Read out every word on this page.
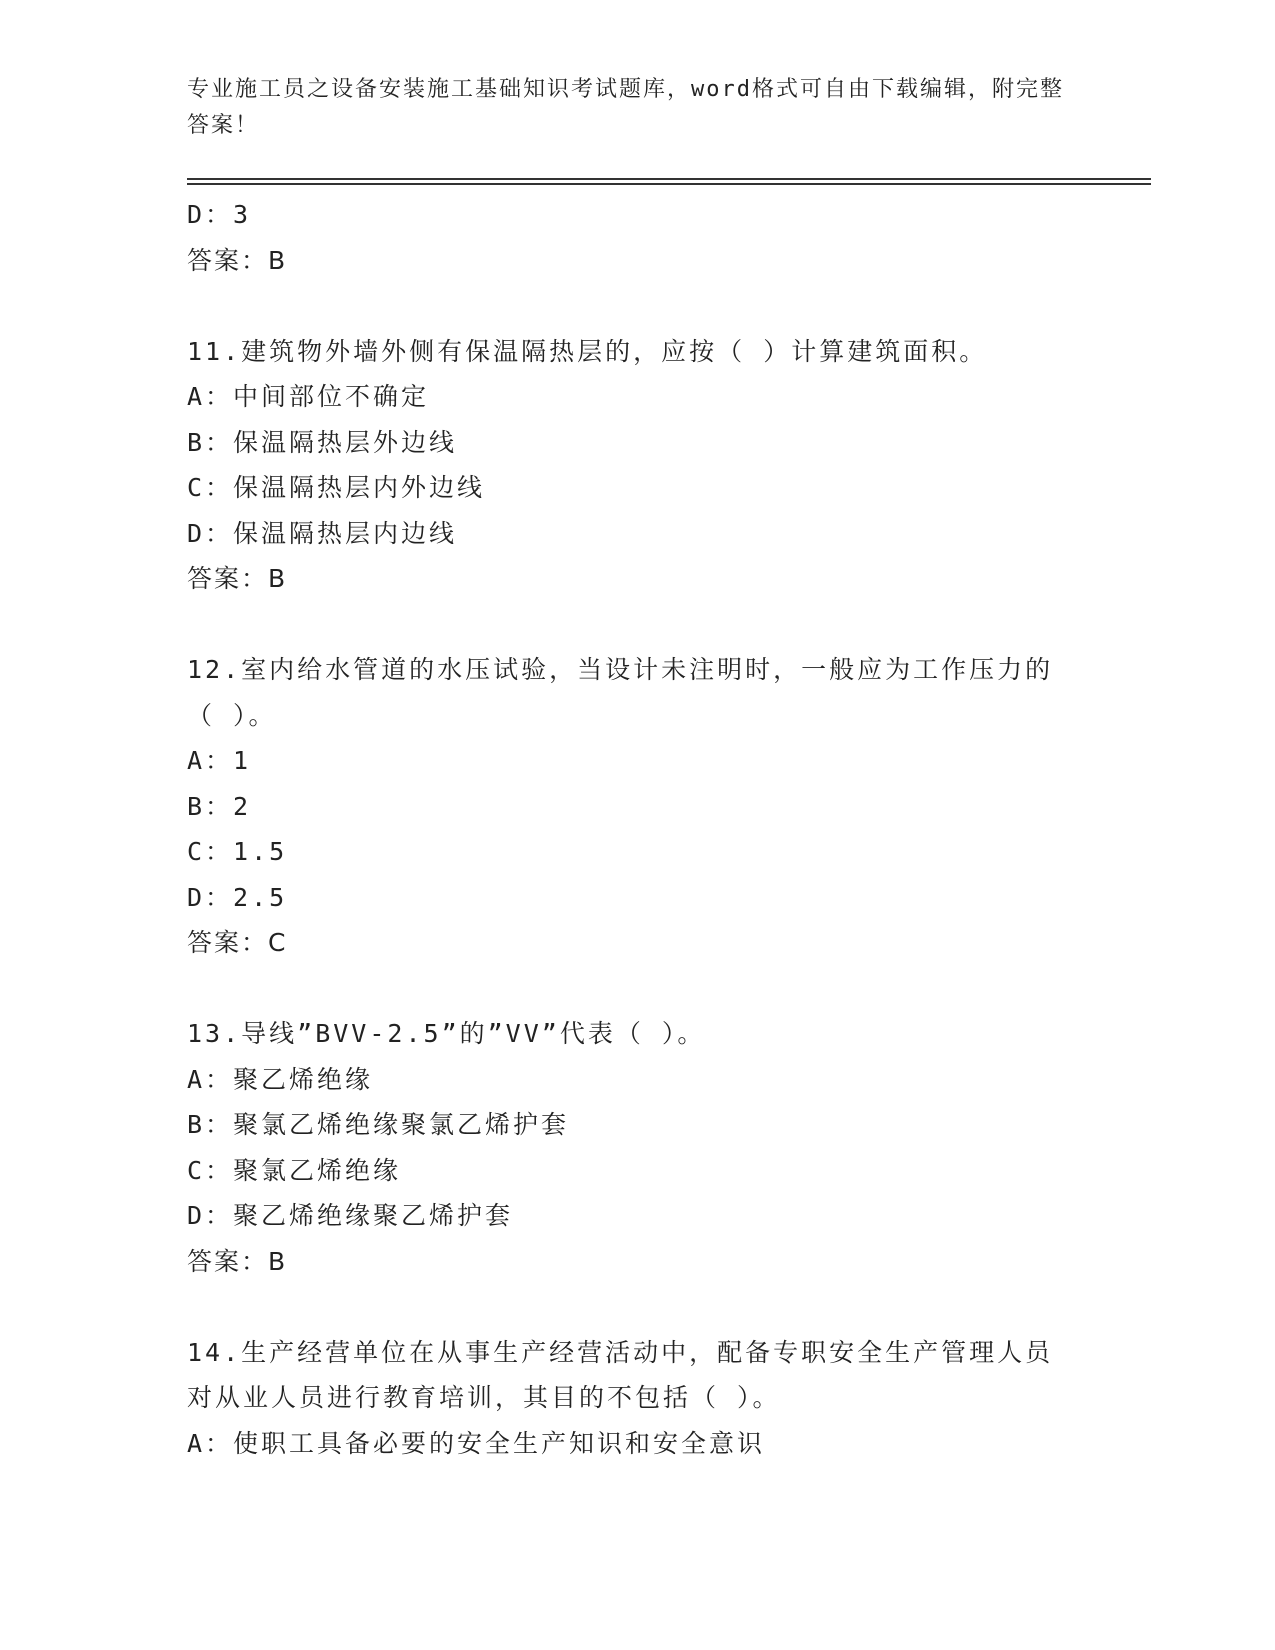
专业施工员之设备安装施工基础知识考试题库，word格式可自由下载编辑，附完整答案！
D：3
答案：B
11.建筑物外墙外侧有保温隔热层的，应按（ ）计算建筑面积。
A：中间部位不确定
B：保温隔热层外边线
C：保温隔热层内外边线
D：保温隔热层内边线
答案：B
12.室内给水管道的水压试验，当设计未注明时，一般应为工作压力的（ ）。
A：1
B：2
C：1.5
D：2.5
答案：C
13.导线”BVV-2.5”的”VV”代表（ ）。
A：聚乙烯绝缘
B：聚氯乙烯绝缘聚氯乙烯护套
C：聚氯乙烯绝缘
D：聚乙烯绝缘聚乙烯护套
答案：B
14.生产经营单位在从事生产经营活动中，配备专职安全生产管理人员对从业人员进行教育培训，其目的不包括（ ）。
A：使职工具备必要的安全生产知识和安全意识
